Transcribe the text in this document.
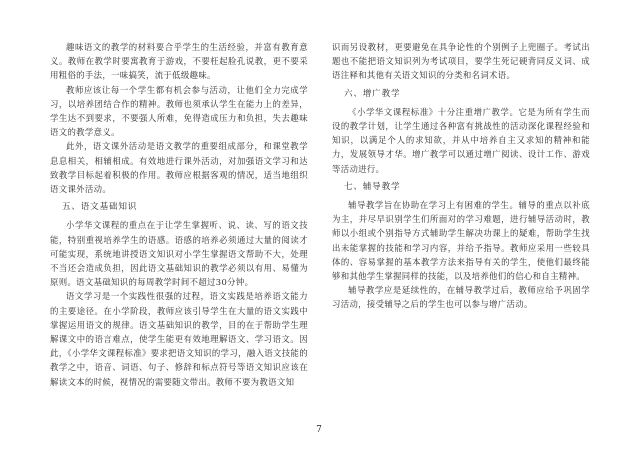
趣味语文的教学的材料要合乎学生的生活经验，并富有教育意义。教师在教学时要寓教育于游戏，不要枉起脸孔说教，更不要采用粗俗的手法，一味搞笑，流于低级趣味。
教师应该让每一个学生都有机会参与活动，让他们全力完成学习，以培养团结合作的精神。教师也须承认学生在能力上的差异，学生达不到要求，不要强人所难，免得造成压力和负担，失去趣味语文的教学意义。
此外，语文课外活动是语文教学的重要组成部分，和课堂教学息息相关，相辅相成。有效地进行课外活动，对加强语文学习和达致教学目标起着积极的作用。教师应根据客观的情况，适当地组织语文课外活动。
五、语文基础知识
小学华文课程的重点在于让学生掌握听、说、读、写的语文技能，特别重视培养学生的语感。语感的培养必须通过大量的阅读才可能实现，系统地讲授语文知识对小学生掌握语文帮助不大，处理不当还会造成负担，因此语文基础知识的教学必须以有用、易懂为原则。语文基础知识的每周教学时间不超过30分钟。
语文学习是一个实践性很强的过程，语文实践是培养语文能力的主要途径。在小学阶段，教师应该引导学生在大量的语文实践中掌握运用语文的规律。语文基础知识的教学，目的在于帮助学生理解课文中的语言难点，使学生能更有效地理解语文、学习语文。因此，《小学华文课程标准》要求把语文知识的学习，融入语文技能的教学之中，语音、词语、句子、修辞和标点符号等语文知识应该在解读文本的时候，视情况的需要随文带出。教师不要为教语文知
识而另设教材，更要避免在具争论性的个别例子上兜圈子。考试出题也不能把语文知识列为考试项目，要学生死记硬背同反义词、成语注释和其他有关语文知识的分类和名词术语。
六、增广教学
《小学华文课程标准》十分注重增广教学。它是为所有学生而设的教学计划，让学生通过各种富有挑战性的活动深化课程经验和知识，以满足个人的求知欲，并从中培养自主又求知的精神和能力，发展领导才华。增广教学可以通过增广阅读、设计工作、游戏等活动进行。
七、辅导教学
辅导教学旨在协助在学习上有困难的学生。辅导的重点以补底为主，并尽早识别学生们所面对的学习难题，进行辅导活动时，教师以小组或个别指导方式辅助学生解决功课上的疑难，帮助学生找出未能掌握的技能和学习内容，并给予指导。教师应采用一些较具体的、容易掌握的基本教学方法来指导有关的学生，使他们最终能够和其他学生掌握同样的技能，以及培养他们的信心和自主精神。
辅导教学应是延续性的，在辅导教学过后，教师应给予巩固学习活动，接受辅导之后的学生也可以参与增广活动。
7
